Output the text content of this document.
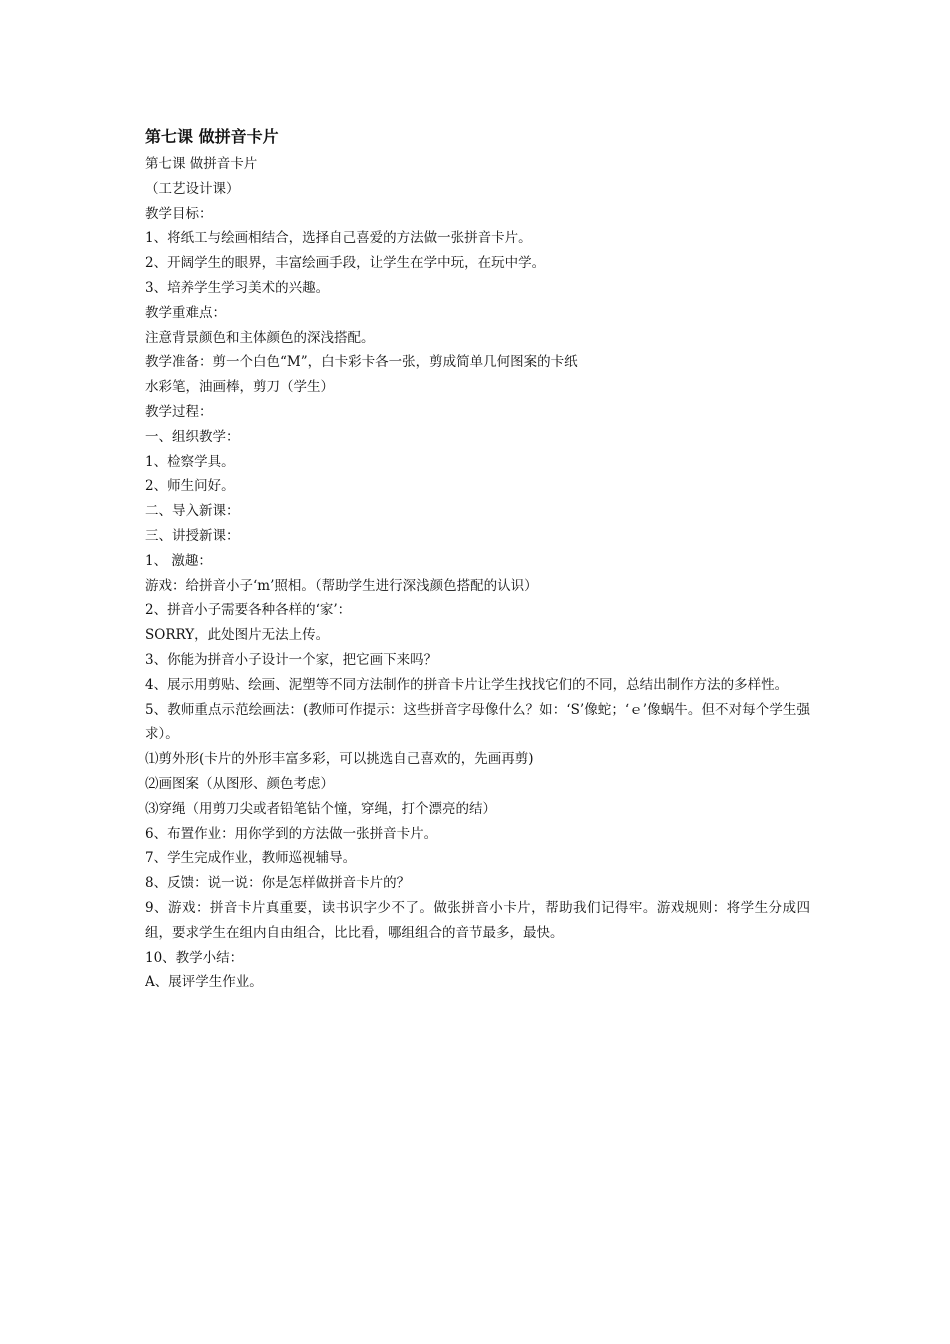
第七课 做拼音卡片
第七课 做拼音卡片
（工艺设计课）
教学目标：
1、将纸工与绘画相结合，选择自己喜爱的方法做一张拼音卡片。
2、开阔学生的眼界，丰富绘画手段，让学生在学中玩，在玩中学。
3、培养学生学习美术的兴趣。
教学重难点：
注意背景颜色和主体颜色的深浅搭配。
教学准备：剪一个白色“M”，白卡彩卡各一张，剪成简单几何图案的卡纸
水彩笔，油画棒，剪刀（学生）
教学过程：
一、组织教学：
1、检察学具。
2、师生问好。
二、导入新课：
三、讲授新课：
1、 激趣：
游戏：给拼音小子‘m’照相。（帮助学生进行深浅颜色搭配的认识）
2、拼音小子需要各种各样的‘家’：
SORRY，此处图片无法上传。
3、你能为拼音小子设计一个家，把它画下来吗？
4、展示用剪贴、绘画、泥塑等不同方法制作的拼音卡片让学生找找它们的不同，总结出制作方法的多样性。
5、教师重点示范绘画法：(教师可作提示：这些拼音字母像什么？如：‘S’像蛇；‘ｅ’像蜗牛。但不对每个学生强求）。
⑴剪外形(卡片的外形丰富多彩，可以挑选自己喜欢的，先画再剪)
⑵画图案（从图形、颜色考虑）
⑶穿绳（用剪刀尖或者铅笔钻个憧，穿绳，打个漂亮的结）
6、布置作业：用你学到的方法做一张拼音卡片。
7、学生完成作业，教师巡视辅导。
8、反馈：说一说：你是怎样做拼音卡片的？
9、游戏：拼音卡片真重要，读书识字少不了。做张拼音小卡片，帮助我们记得牢。游戏规则：将学生分成四组，要求学生在组内自由组合，比比看，哪组组合的音节最多，最快。
10、教学小结：
A、展评学生作业。
